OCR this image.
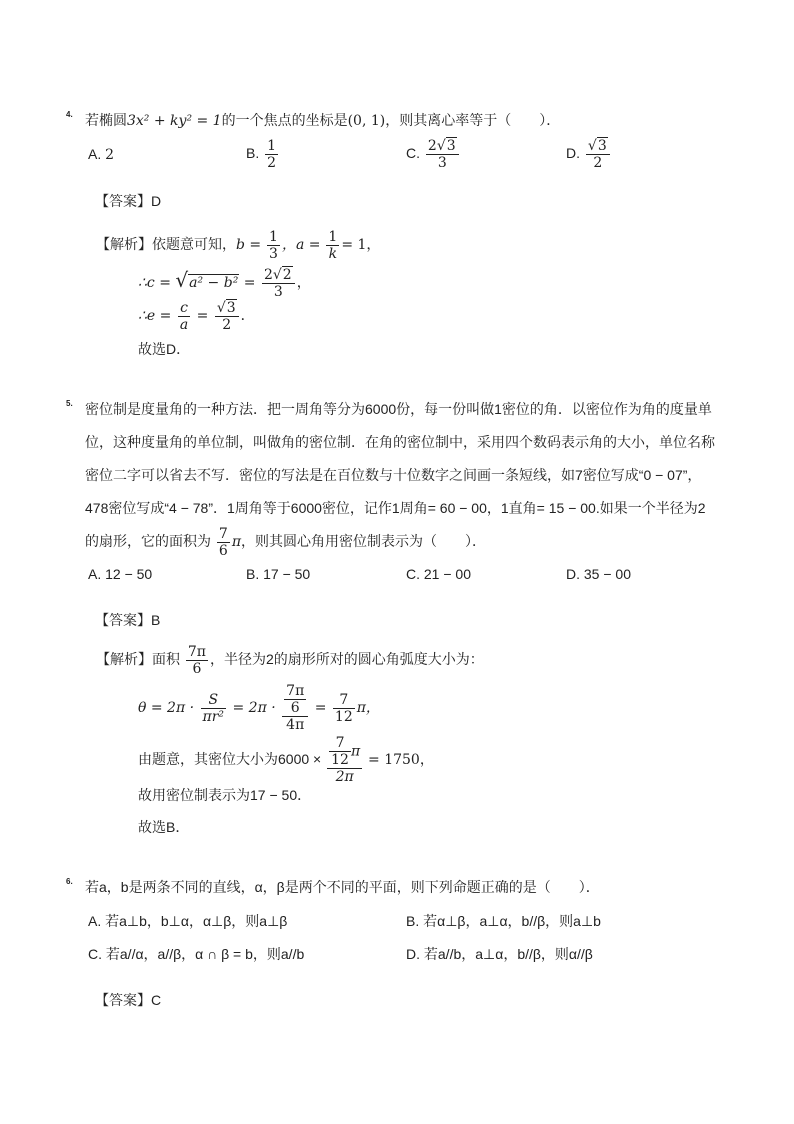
4. 若椭圆3x² + ky² = 1的一个焦点的坐标是(0, 1)，则其离心率等于（　　）．
A. 2	B. $\frac{1}{2}$	C. $\frac{2√3}{3}$	D. $\frac{√3}{2}$
【答案】D
【解析】依题意可知，$b = \frac{1}{3}$ ，$a = \frac{1}{k} = 1$，
∴c = $√a^2 - b^2 = \frac{2√2}{3}$ ，
∴e = $\frac{c}{a} = \frac{√3}{2}$ ．
故选D．
5. 密位制是度量角的一种方法．把一周角等分为6000份，每一份叫做1密位的角．以密位作为角的度量单
位，这种度量角的单位制，叫做角的密位制．在角的密位制中，采用四个数码表示角的大小，单位名称
密位二字可以省去不写．密位的写法是在百位数与十位数字之间画一条短线，如7密位写成“0 − 07”，
478密位写成“4 − 78”．1周角等于6000密位，记作1周角= 60 − 00，1直角= 15 − 00.如果一个半径为2
的扇形，它的面积为 $\frac{7}{6}$ π，则其圆心角用密位制表示为（　　）．
A. 12 − 50	B. 17 − 50	C. 21 − 00	D. 35 − 00
【答案】B
【解析】面积 $\frac{7\pi}{6}$ ，半径为2的扇形所对的圆心角弧度大小为：
$\theta = 2\pi \cdot \frac{S}{\text{πr²}} = 2\pi \cdot \frac{\frac{7\pi}{6}}{4\pi} = \frac{7}{12}$ π，
由题意，其密位大小为$6000 \times \frac{\frac{7}{12} \pi}{2\pi} = 1750$，
故用密位制表示为17 − 50．
故选B．
6. 若a，b是两条不同的直线，α，β是两个不同的平面，则下列命题正确的是（　　）．
A. 若a⊥b，b⊥α，α⊥β，则a⊥β	B. 若α⊥β，a⊥α，b//β，则a⊥b
C. 若a//α，a//β，α ∩ β = b，则a//b	D. 若a//b，a⊥α，b//β，则α//β
【答案】C
